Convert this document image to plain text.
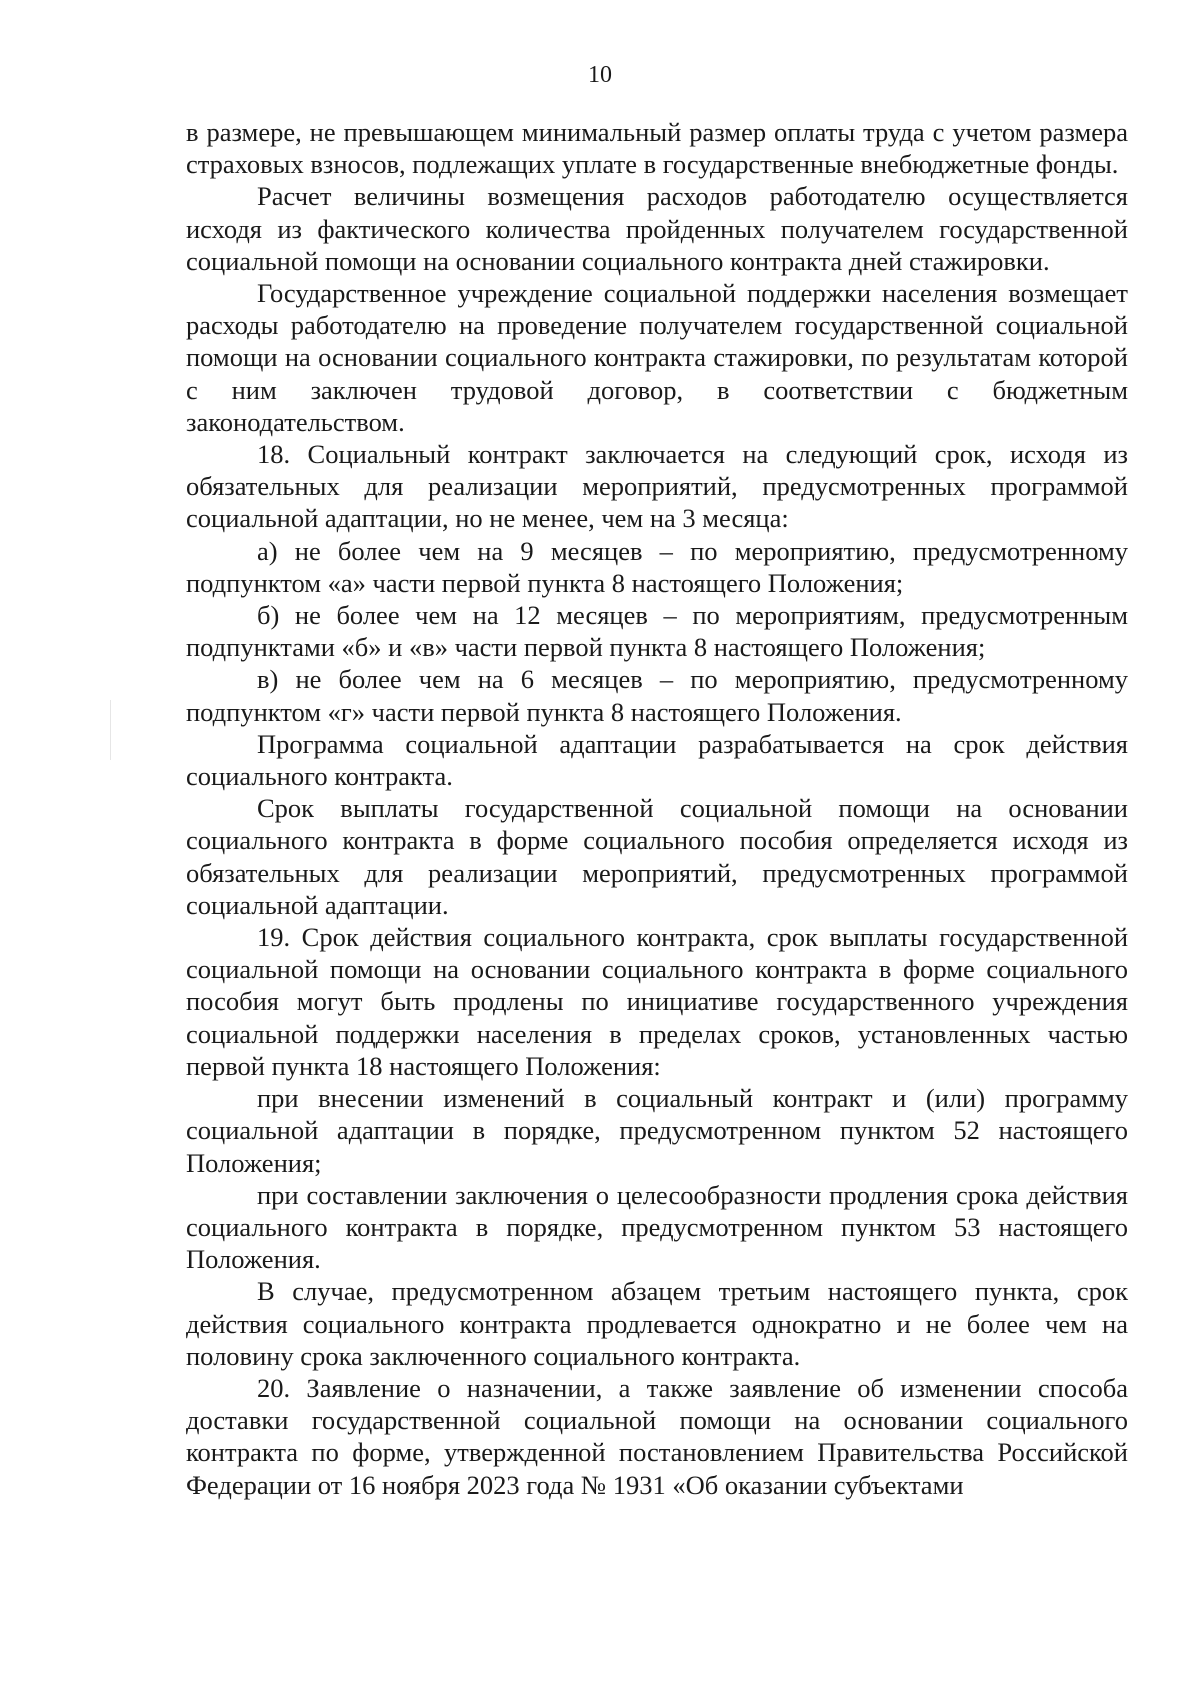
10

в размере, не превышающем минимальный размер оплаты труда с учетом размера страховых взносов, подлежащих уплате в государственные внебюджетные фонды.

Расчет величины возмещения расходов работодателю осуществляется исходя из фактического количества пройденных получателем государственной социальной помощи на основании социального контракта дней стажировки.

Государственное учреждение социальной поддержки населения возмещает расходы работодателю на проведение получателем государственной социальной помощи на основании социального контракта стажировки, по результатам которой с ним заключен трудовой договор, в соответствии с бюджетным законодательством.

18. Социальный контракт заключается на следующий срок, исходя из обязательных для реализации мероприятий, предусмотренных программой социальной адаптации, но не менее, чем на 3 месяца:

а) не более чем на 9 месяцев – по мероприятию, предусмотренному подпунктом «а» части первой пункта 8 настоящего Положения;

б) не более чем на 12 месяцев – по мероприятиям, предусмотренным подпунктами «б» и «в» части первой пункта 8 настоящего Положения;

в) не более чем на 6 месяцев – по мероприятию, предусмотренному подпунктом «г» части первой пункта 8 настоящего Положения.

Программа социальной адаптации разрабатывается на срок действия социального контракта.

Срок выплаты государственной социальной помощи на основании социального контракта в форме социального пособия определяется исходя из обязательных для реализации мероприятий, предусмотренных программой социальной адаптации.

19. Срок действия социального контракта, срок выплаты государственной социальной помощи на основании социального контракта в форме социального пособия могут быть продлены по инициативе государственного учреждения социальной поддержки населения в пределах сроков, установленных частью первой пункта 18 настоящего Положения:

при внесении изменений в социальный контракт и (или) программу социальной адаптации в порядке, предусмотренном пунктом 52 настоящего Положения;

при составлении заключения о целесообразности продления срока действия социального контракта в порядке, предусмотренном пунктом 53 настоящего Положения.

В случае, предусмотренном абзацем третьим настоящего пункта, срок действия социального контракта продлевается однократно и не более чем на половину срока заключенного социального контракта.

20. Заявление о назначении, а также заявление об изменении способа доставки государственной социальной помощи на основании социального контракта по форме, утвержденной постановлением Правительства Российской Федерации от 16 ноября 2023 года № 1931 «Об оказании субъектами
